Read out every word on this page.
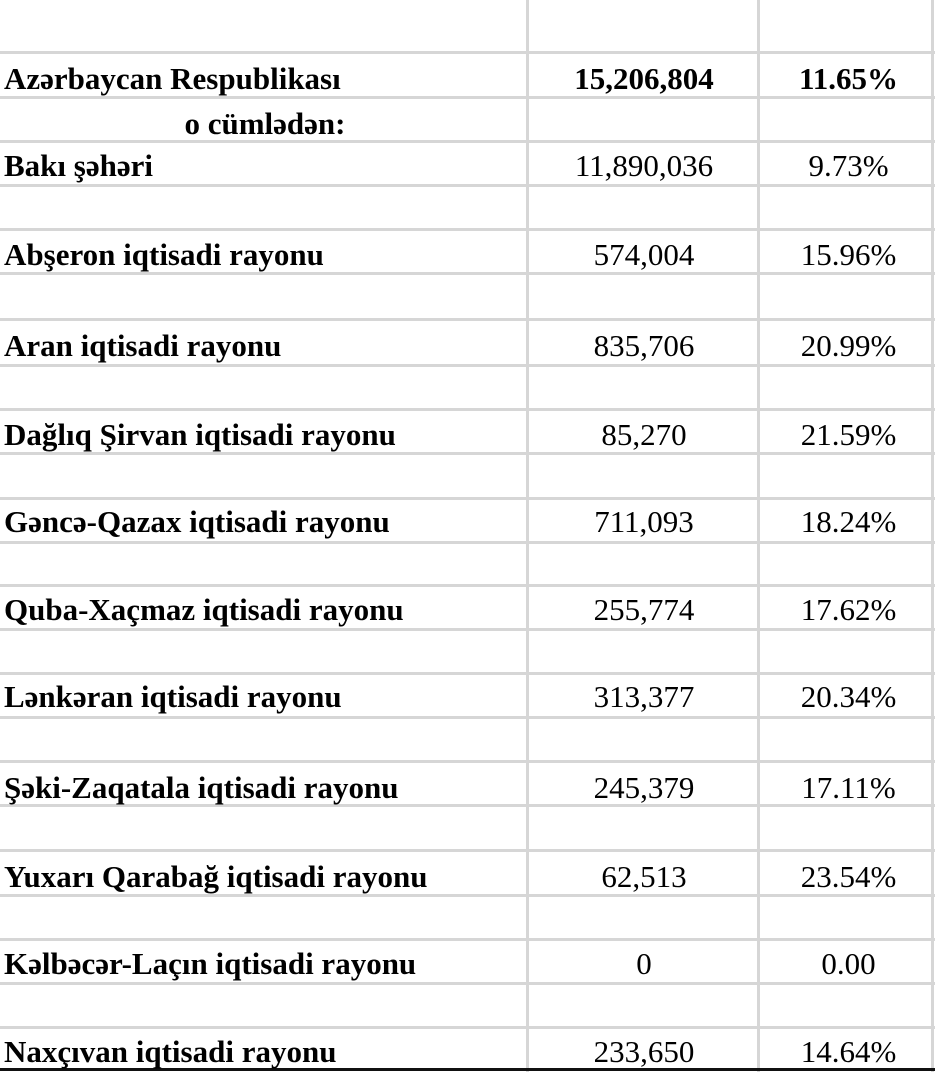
Azərbaycan Respublikası	15,206,804	11.65%
o cümlədən:
Bakı şəhəri	11,890,036	9.73%
Abşeron iqtisadi rayonu	574,004	15.96%
Aran iqtisadi rayonu	835,706	20.99%
Dağlıq Şirvan iqtisadi rayonu	85,270	21.59%
Gəncə-Qazax iqtisadi rayonu	711,093	18.24%
Quba-Xaçmaz iqtisadi rayonu	255,774	17.62%
Lənkəran iqtisadi rayonu	313,377	20.34%
Şəki-Zaqatala iqtisadi rayonu	245,379	17.11%
Yuxarı Qarabağ iqtisadi rayonu	62,513	23.54%
Kəlbəcər-Laçın iqtisadi rayonu	0	0.00
Naxçıvan iqtisadi rayonu	233,650	14.64%
